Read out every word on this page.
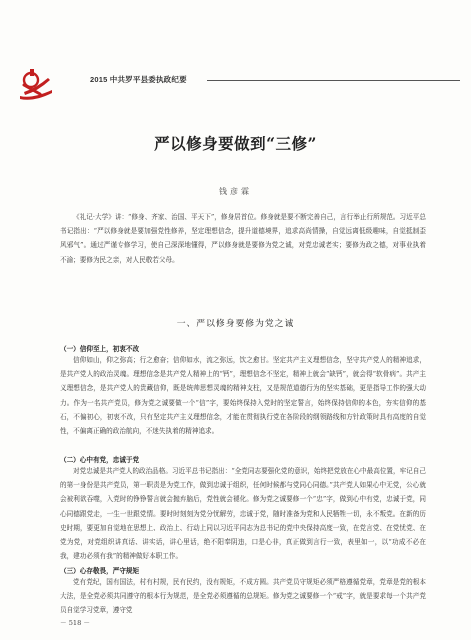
2015 中共罗平县委执政纪要
严以修身要做到“三修”
钱彦霖

《礼记·大学》讲：“修身、齐家、治国、平天下”，修身居首位。修身就是要不断完善自己，言行举止行所规范。习近平总书记指出：“严以修身就是要加强党性修养，坚定理想信念，提升道德境界，追求高尚情操，自觉远离低级趣味，自觉抵制歪风邪气”。通过严谨专修学习，使自己深深地懂得，严以修身就是要修为党之诚，对党忠诚老实；要修为政之德，对事业执着不渝；要修为民之亲，对人民敬若父母。

一、严以修身要修为党之诚
（一）信仰至上，初衷不改

信仰如山，仰之弥高；行之愈奋；信仰如水，流之弥远，饮之愈甘。坚定共产主义理想信念，坚守共产党人的精神追求，是共产党人的政治灵魂。理想信念是共产党人精神上的“钙”，理想信念不坚定，精神上就会“缺钙”，就会得“软骨病”。共产主义理想信念，是共产党人的贵藏信仰，既是统帅思想灵魂的精神支柱，又是规范道德行为的坚实基础，更是指导工作的强大动力。作为一名共产党员，修为党之诚要做一个“信”字，要始终保持入党时的坚定誓言，始终保持信仰的本色，夯实信仰的基石，不偏初心，初衷不改，只有坚定共产主义理想信念，才能在贯彻执行党在各阶段的纲领路线和方针政策时具有高度的自觉性，不偏离正确的政治航向，不迷失执着的精神追求。

（二）心中有党，忠诚于党

对党忠诚是共产党人的政治品格。习近平总书记指出：“全党同志要强化党的意识，始终把党放在心中最高位置，牢记自己的第一身份是共产党员，第一职责是为党工作，做到忠诚于组织，任何时候都与党同心同德。”共产党人如果心中无党，公心就会被利欲吞噬，入党时的铮铮誓言就会抛弃脑后，党性就会褪化。修为党之诚要修一个“忠”字，做到心中有党，忠诚于党，同心同德跟党走，一生一世跟党情。要时时刻刻为党分忧解劳，忠诚于党，随时准备为党和人民牺牲一切，永不叛党。在新的历史时期，要更加自觉地在思想上、政治上、行动上同以习近平同志为总书记的党中央保持高度一致，在党言党、在党忧党、在党为党，对党组织讲真话、讲实话，讲心里话，绝不阳奉阴违，口是心非，真正做到言行一致，表里如一，以“功成不必在我，建功必须有我”的精神做好本职工作。

（三）心存敬畏，严守规矩

党有党纪，国有国法，村有村规，民有民约，没有规矩，不成方圆。共产党员守规矩必须严格遵循党章，党章是党的根本大法，是全党必须共同遵守的根本行为规范，是全党必须遵循的总规矩。修为党之诚要修一个“戒”字，就是要求每一个共产党员自觉学习党章，遵守党

－ 518 －
